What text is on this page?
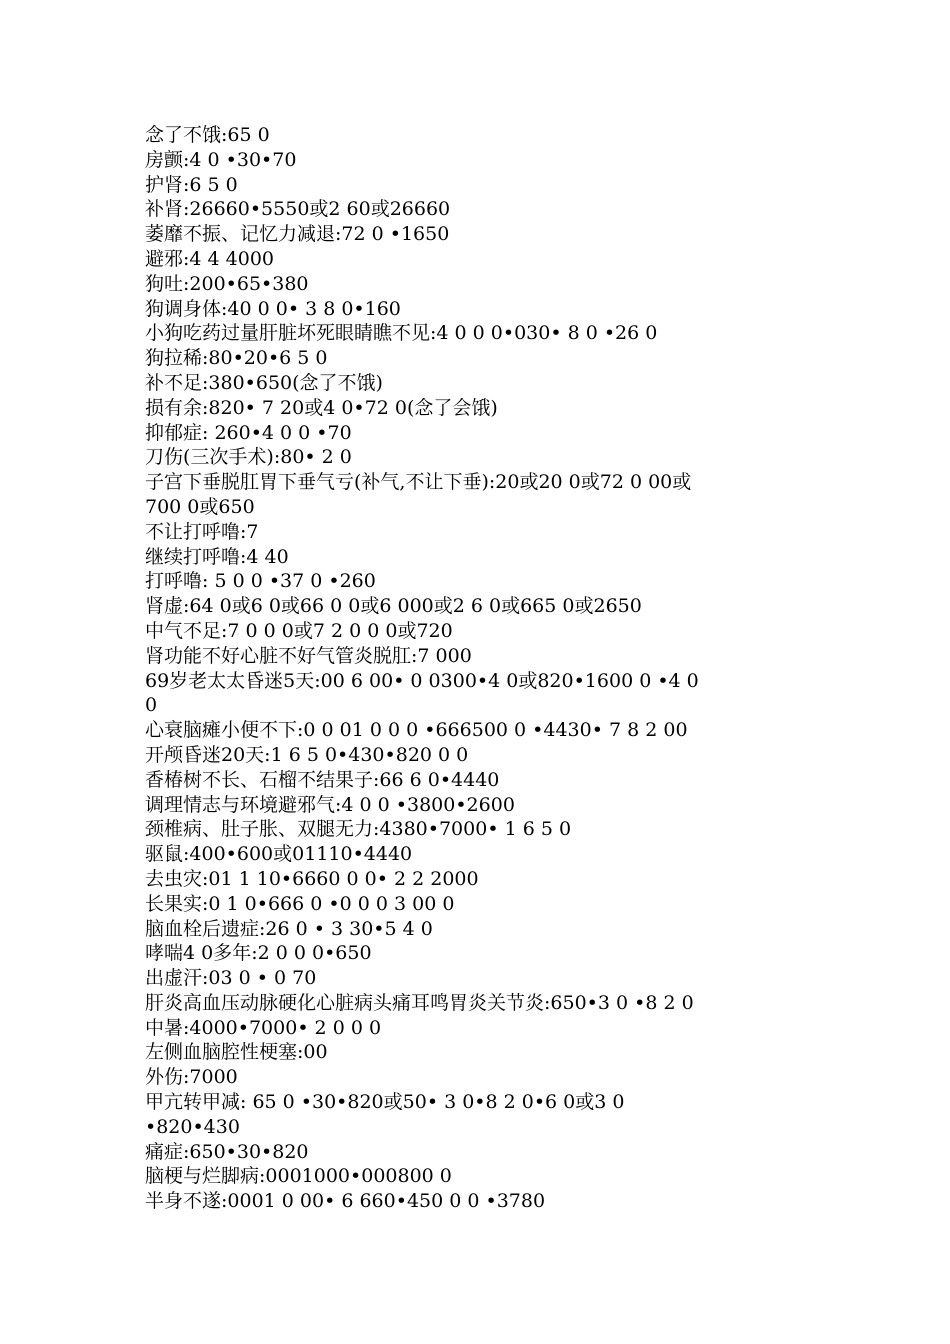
念了不饿:65 0
房颤:4 0 •30•70
护肾:6 5 0
补肾:26660•5550或2 60或26660
萎靡不振、记忆力减退:72 0 •1650
避邪:4 4 4000
狗吐:200•65•380
狗调身体:40 0 0• 3 8 0•160
小狗吃药过量肝脏坏死眼睛瞧不见:4 0 0 0•030• 8 0 •26 0
狗拉稀:80•20•6 5 0
补不足:380•650(念了不饿)
损有余:820• 7 20或4 0•72 0(念了会饿)
抑郁症: 260•4 0 0 •70
刀伤(三次手术):80• 2 0
子宫下垂脱肛胃下垂气亏(补气,不让下垂):20或20 0或72 0 00或
700 0或650
不让打呼噜:7
继续打呼噜:4 40
打呼噜: 5 0 0 •37 0 •260
肾虚:64 0或6 0或66 0 0或6 000或2 6 0或665 0或2650
中气不足:7 0 0 0或7 2 0 0 0或720
肾功能不好心脏不好气管炎脱肛:7 000
69岁老太太昏迷5天:00 6 00• 0 0300•4 0或820•1600 0 •4 0
0
心衰脑瘫小便不下:0 0 01 0 0 0 •666500 0 •4430• 7 8 2 00
开颅昏迷20天:1 6 5 0•430•820 0 0
香椿树不长、石榴不结果子:66 6 0•4440
调理情志与环境避邪气:4 0 0 •3800•2600
颈椎病、肚子胀、双腿无力:4380•7000• 1 6 5 0
驱鼠:400•600或01110•4440
去虫灾:01 1 10•6660 0 0• 2 2 2000
长果实:0 1 0•666 0 •0 0 0 3 00 0
脑血栓后遗症:26 0 • 3 30•5 4 0
哮喘4 0多年:2 0 0 0•650
出虚汗:03 0 • 0 70
肝炎高血压动脉硬化心脏病头痛耳鸣胃炎关节炎:650•3 0 •8 2 0
中暑:4000•7000• 2 0 0 0
左侧血脑腔性梗塞:00
外伤:7000
甲亢转甲减: 65 0 •30•820或50• 3 0•8 2 0•6 0或3 0
•820•430
痛症:650•30•820
脑梗与烂脚病:0001000•000800 0
半身不遂:0001 0 00• 6 660•450 0 0 •3780
